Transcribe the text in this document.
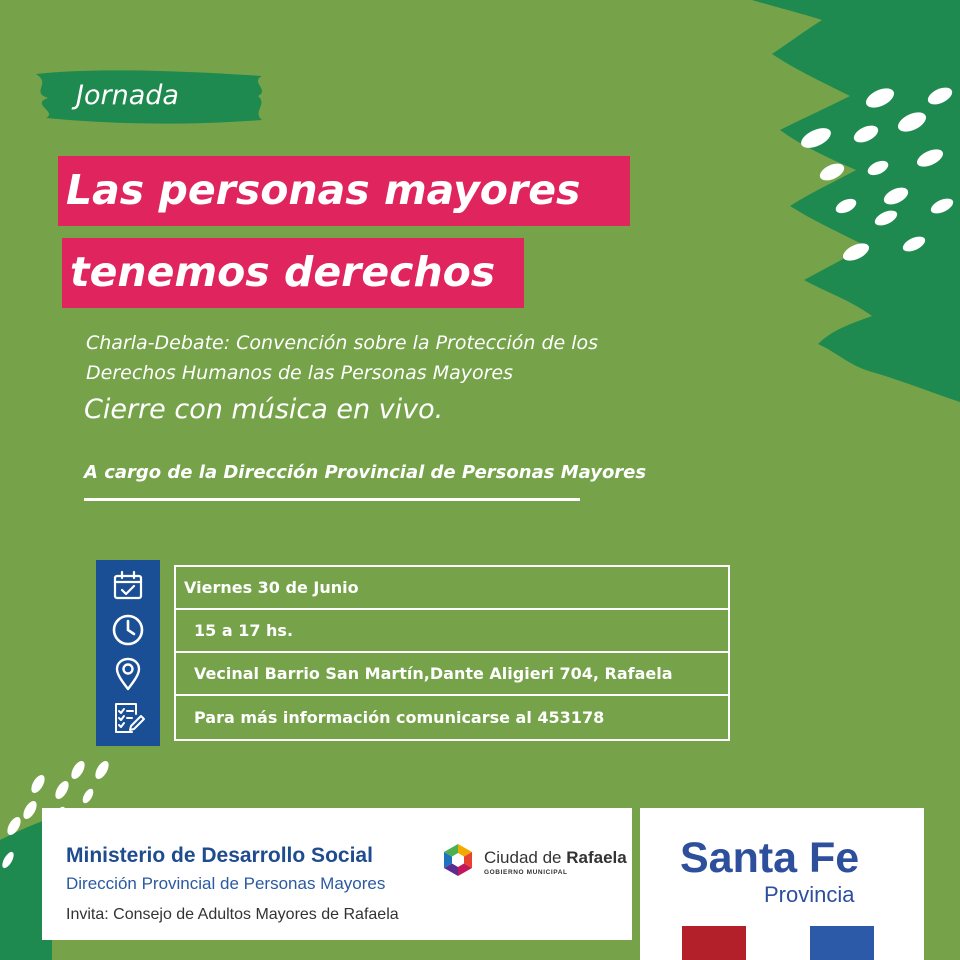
Jornada
Las personas mayores
tenemos derechos
Charla-Debate: Convención sobre la Protección de los
Derechos Humanos de las Personas Mayores
Cierre con música en vivo.
A cargo de la Dirección Provincial de Personas Mayores
Viernes 30 de Junio
15 a 17 hs.
Vecinal Barrio San Martín,Dante Aligieri 704, Rafaela
Para más información comunicarse al 453178
Ministerio de Desarrollo Social
Dirección Provincial de Personas Mayores
Invita: Consejo de Adultos Mayores de Rafaela
Ciudad de Rafaela
GOBIERNO MUNICIPAL	Santa Fe
Provincia
